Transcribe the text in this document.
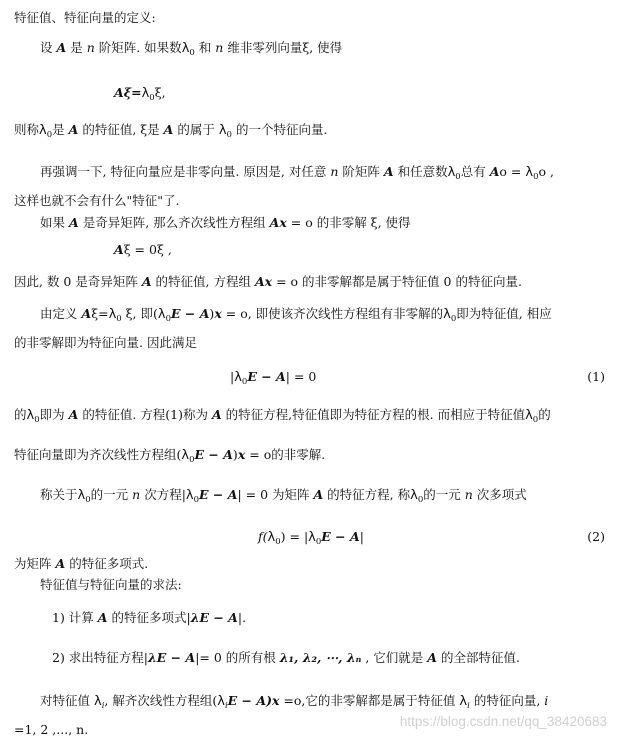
特征值、特征向量的定义:
设 A 是 n 阶矩阵. 如果数$\lambda_0$ 和 n 维非零列向量ξ, 使得
$A\xi=\lambda_0\xi$,
则称$\lambda_0$是 A 的特征值, ξ是 A 的属于 $\lambda_0$ 的一个特征向量.
再强调一下, 特征向量应是非零向量. 原因是, 对任意 n 阶矩阵 A 和任意数$\lambda_0$总有 $Ao = \lambda_0o$ ,
这样也就不会有什么"特征"了.
如果 A 是奇异矩阵, 那么齐次线性方程组 Ax = o 的非零解 ξ, 使得
Aξ = 0ξ ,
因此, 数 0 是奇异矩阵 A 的特征值, 方程组 Ax = o 的非零解都是属于特征值 0 的特征向量.
由定义 $A\xi=\lambda_0$ ξ, 即$(\lambda_0E - A)x = o$, 即使该齐次线性方程组有非零解的$\lambda_0$即为特征值, 相应
的非零解即为特征向量. 因此满足
$|\lambda_0E - A| = 0$	(1)
的$\lambda_0$即为 A 的特征值. 方程(1)称为 A 的特征方程,特征值即为特征方程的根. 而相应于特征值$\lambda_0$的
特征向量即为齐次线性方程组$(\lambda_0E - A)x = o$的非零解.
称关于$\lambda_0$的一元 n 次方程$|\lambda_0E - A| = 0$ 为矩阵 A 的特征方程, 称$\lambda_0$的一元 n 次多项式
$f(\lambda_0) = |\lambda_0E - A|$	(2)
为矩阵 A 的特征多项式.
特征值与特征向量的求法:
1) 计算 A 的特征多项式|λE − A|.
2) 求出特征方程|λE − A|= 0 的所有根 λ₁, λ₂, ⋯, λₙ , 它们就是 A 的全部特征值.
对特征值 $\lambda_i$, 解齐次线性方程组$(\lambda_iE - A)x =o$,它的非零解都是属于特征值 $\lambda_i$ 的特征向量, i
=1, 2 ,..., n.
https://blog.csdn.net/qq_38420683
